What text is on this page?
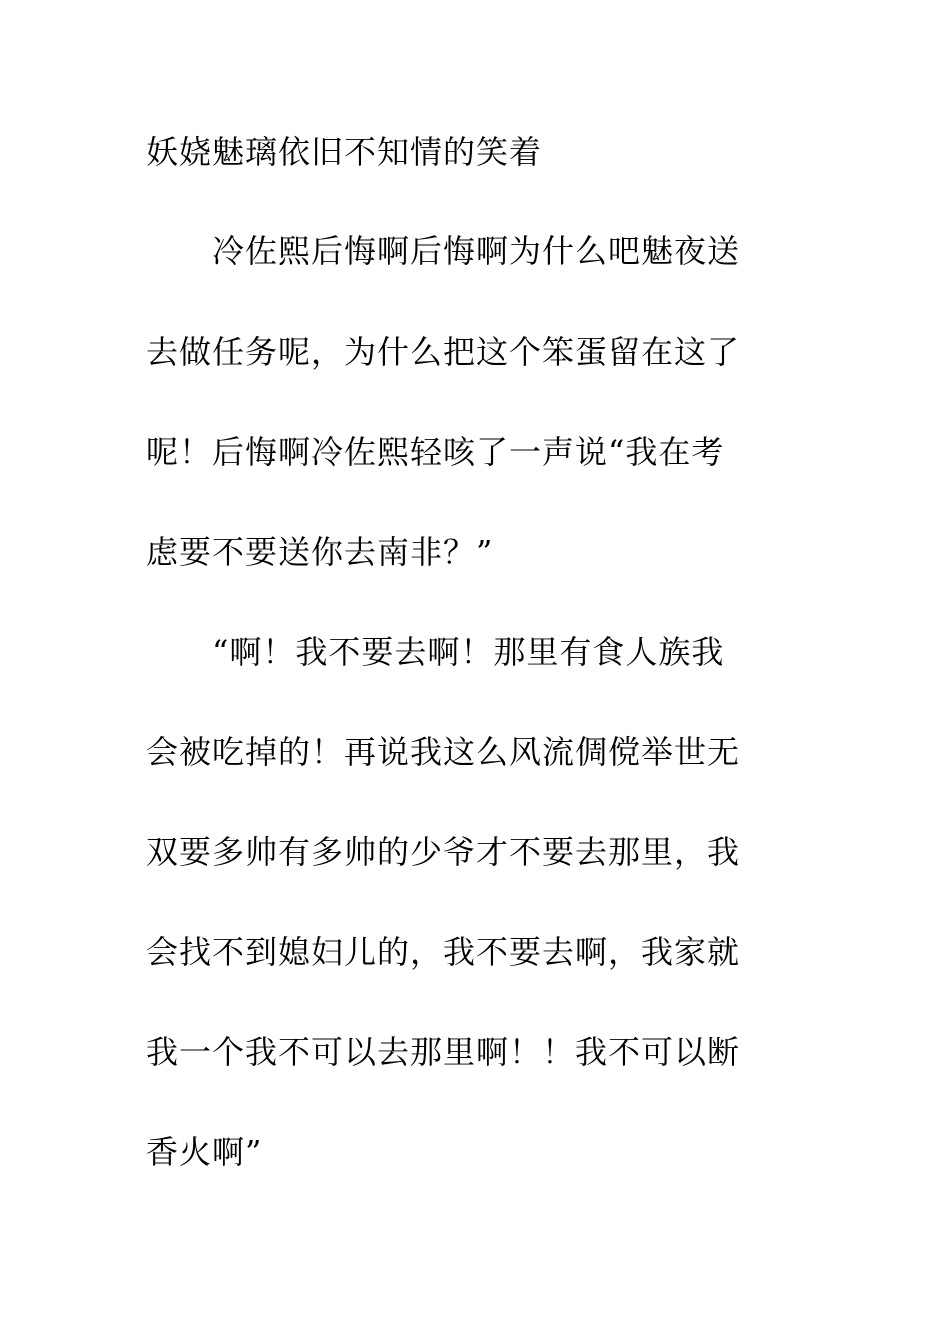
妖娆魅璃依旧不知情的笑着
冷佐熙后悔啊后悔啊为什么吧魅夜送
去做任务呢，为什么把这个笨蛋留在这了
呢！后悔啊冷佐熙轻咳了一声说“我在考
虑要不要送你去南非？”
“啊！我不要去啊！那里有食人族我
会被吃掉的！再说我这么风流倜傥举世无
双要多帅有多帅的少爷才不要去那里，我
会找不到媳妇儿的，我不要去啊，我家就
我一个我不可以去那里啊！！我不可以断
香火啊”
